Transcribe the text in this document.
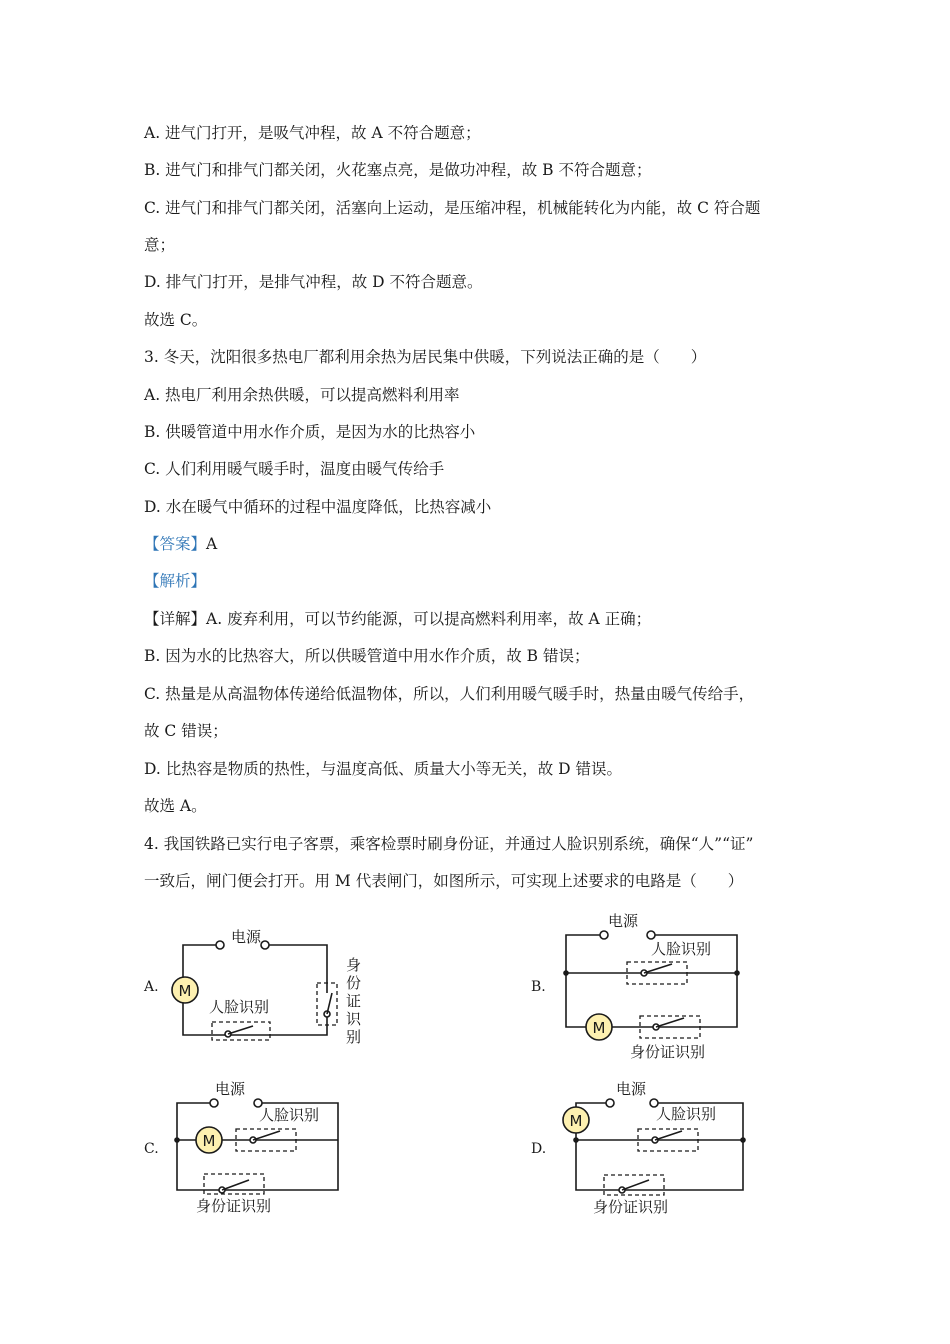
A. 进气门打开，是吸气冲程，故 A 不符合题意；
B. 进气门和排气门都关闭，火花塞点亮，是做功冲程，故 B 不符合题意；
C. 进气门和排气门都关闭，活塞向上运动，是压缩冲程，机械能转化为内能，故 C 符合题
意；
D. 排气门打开，是排气冲程，故 D 不符合题意。
故选 C。
3. 冬天，沈阳很多热电厂都利用余热为居民集中供暖，下列说法正确的是（　　）
A. 热电厂利用余热供暖，可以提高燃料利用率
B. 供暖管道中用水作介质，是因为水的比热容小
C. 人们利用暖气暖手时，温度由暖气传给手
D. 水在暖气中循环的过程中温度降低，比热容减小
【答案】A
【解析】
【详解】A. 废弃利用，可以节约能源，可以提高燃料利用率，故 A 正确；
B. 因为水的比热容大，所以供暖管道中用水作介质，故 B 错误；
C. 热量是从高温物体传递给低温物体，所以，人们利用暖气暖手时，热量由暖气传给手，
故 C 错误；
D. 比热容是物质的热性，与温度高低、质量大小等无关，故 D 错误。
故选 A。
4. 我国铁路已实行电子客票，乘客检票时刷身份证，并通过人脸识别系统，确保“人”“证”
一致后，闸门便会打开。用 M 代表闸门，如图所示，可实现上述要求的电路是（　　）
A.	B.
C.	D.
M
电源
人脸识别
身
份
证
识
别	M
电源
人脸识别
身份证识别
M
电源
人脸识别
身份证识别
M
电源
人脸识别
身份证识别
